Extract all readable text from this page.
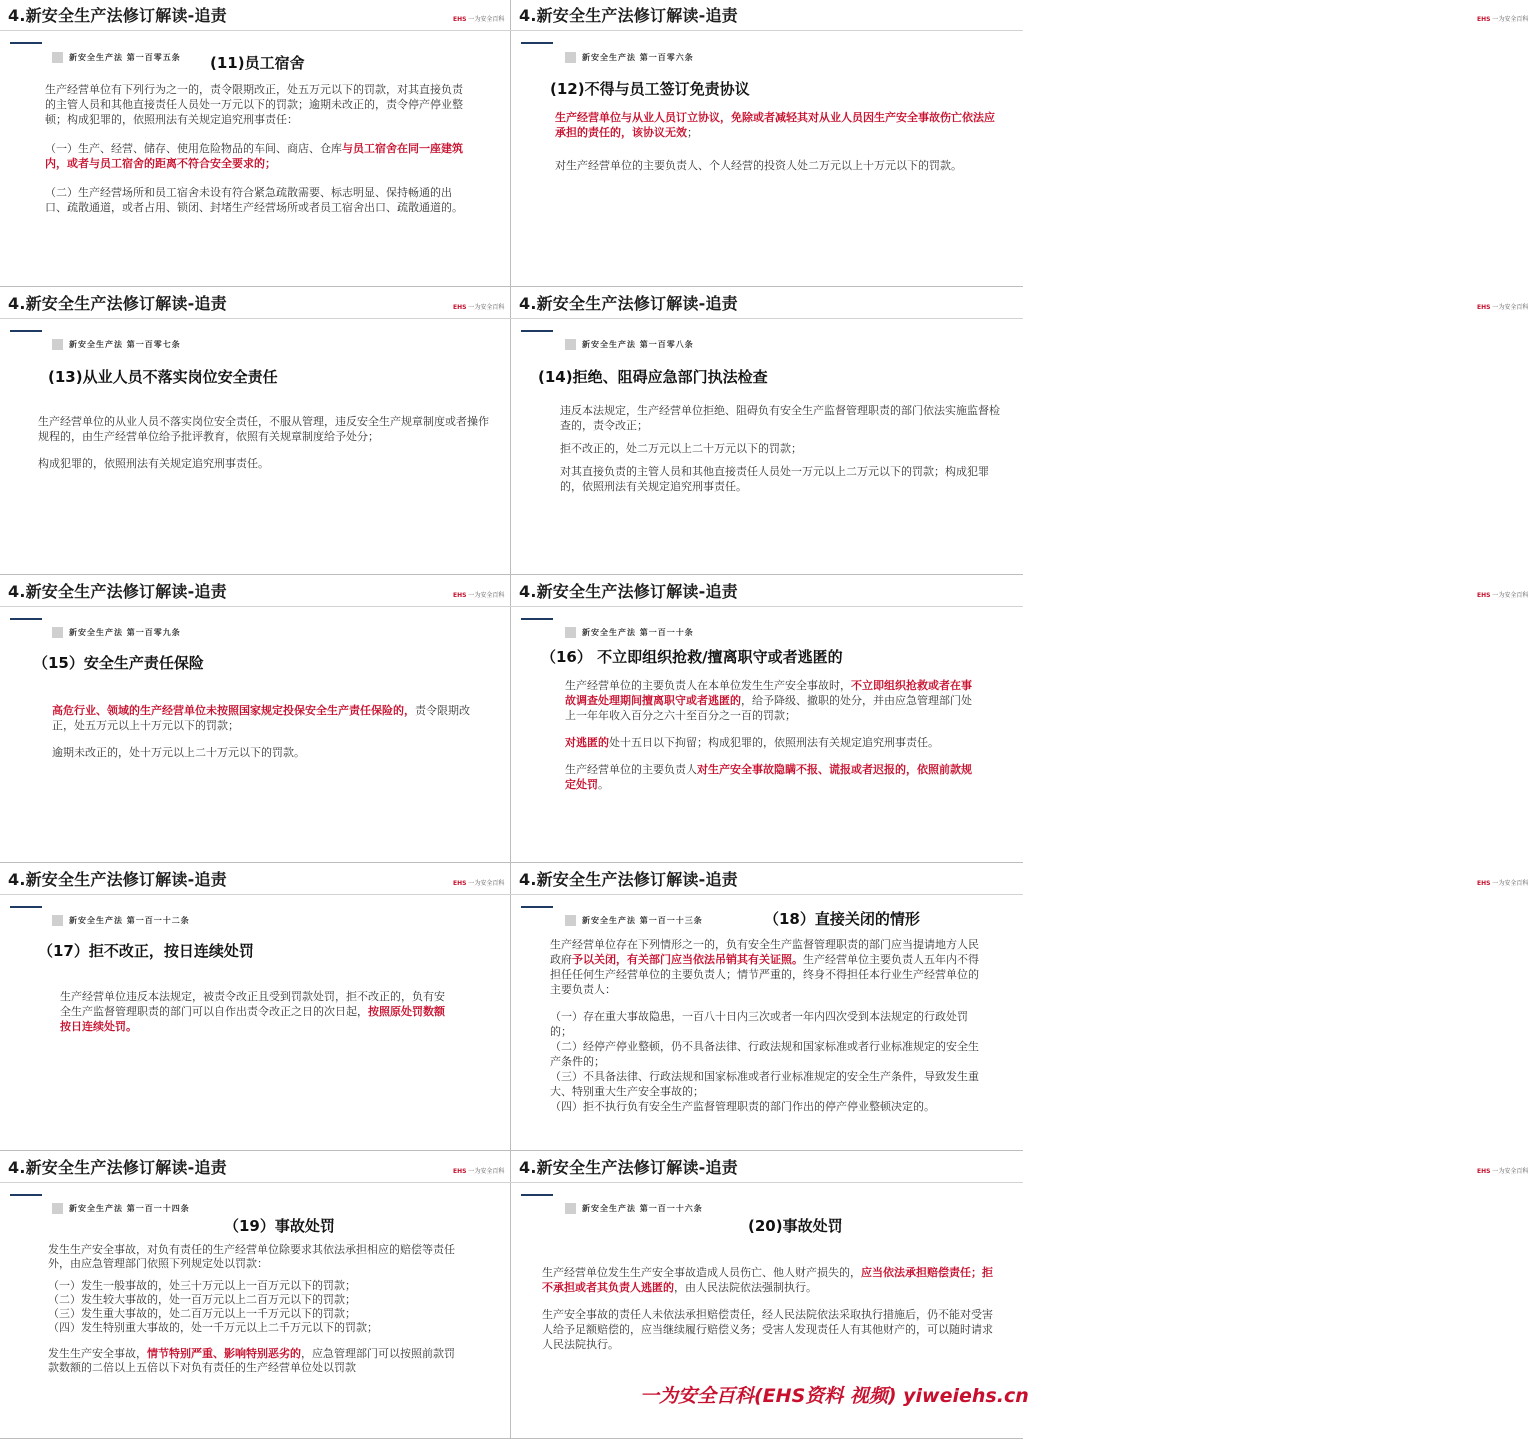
一为安全百科(EHS资料 视频) yiweiehs.cn
4.新安全生产法修订解读-追责	EHS 一为安全百科
新安全生产法 第一百零五条 (11)员工宿舍

生产经营单位有下列行为之一的，责令限期改正，处五万元以下的罚款，对其直接负责的主管人员和其他直接责任人员处一万元以下的罚款；逾期未改正的，责令停产停业整顿；构成犯罪的，依照刑法有关规定追究刑事责任：

（一）生产、经营、储存、使用危险物品的车间、商店、仓库与员工宿舍在同一座建筑内，或者与员工宿舍的距离不符合安全要求的；

（二）生产经营场所和员工宿舍未设有符合紧急疏散需要、标志明显、保持畅通的出口、疏散通道，或者占用、锁闭、封堵生产经营场所或者员工宿舍出口、疏散通道的。

4.新安全生产法修订解读-追责	EHS 一为安全百科
新安全生产法 第一百零六条
(12)不得与员工签订免责协议

生产经营单位与从业人员订立协议，免除或者减轻其对从业人员因生产安全事故伤亡依法应承担的责任的，该协议无效；

对生产经营单位的主要负责人、个人经营的投资人处二万元以上十万元以下的罚款。

4.新安全生产法修订解读-追责	EHS 一为安全百科
新安全生产法 第一百零七条
(13)从业人员不落实岗位安全责任

生产经营单位的从业人员不落实岗位安全责任，不服从管理，违反安全生产规章制度或者操作规程的，由生产经营单位给予批评教育，依照有关规章制度给予处分；

构成犯罪的，依照刑法有关规定追究刑事责任。

4.新安全生产法修订解读-追责	EHS 一为安全百科
新安全生产法 第一百零八条
(14)拒绝、阻碍应急部门执法检查

违反本法规定，生产经营单位拒绝、阻碍负有安全生产监督管理职责的部门依法实施监督检查的，责令改正；

拒不改正的，处二万元以上二十万元以下的罚款；

对其直接负责的主管人员和其他直接责任人员处一万元以上二万元以下的罚款；构成犯罪的，依照刑法有关规定追究刑事责任。

4.新安全生产法修订解读-追责	EHS 一为安全百科
新安全生产法 第一百零九条
（15）安全生产责任保险

高危行业、领域的生产经营单位未按照国家规定投保安全生产责任保险的，责令限期改正，处五万元以上十万元以下的罚款；

逾期未改正的，处十万元以上二十万元以下的罚款。

4.新安全生产法修订解读-追责	EHS 一为安全百科
新安全生产法 第一百一十条
（16） 不立即组织抢救/擅离职守或者逃匿的

生产经营单位的主要负责人在本单位发生生产安全事故时，不立即组织抢救或者在事故调查处理期间擅离职守或者逃匿的，给予降级、撤职的处分，并由应急管理部门处上一年年收入百分之六十至百分之一百的罚款；

对逃匿的处十五日以下拘留；构成犯罪的，依照刑法有关规定追究刑事责任。

生产经营单位的主要负责人对生产安全事故隐瞒不报、谎报或者迟报的，依照前款规定处罚。

4.新安全生产法修订解读-追责	EHS 一为安全百科
新安全生产法 第一百一十二条
（17）拒不改正，按日连续处罚

生产经营单位违反本法规定，被责令改正且受到罚款处罚，拒不改正的，负有安全生产监督管理职责的部门可以自作出责令改正之日的次日起，按照原处罚数额按日连续处罚。

4.新安全生产法修订解读-追责	EHS 一为安全百科
新安全生产法 第一百一十三条	（18）直接关闭的情形

生产经营单位存在下列情形之一的，负有安全生产监督管理职责的部门应当提请地方人民政府予以关闭，有关部门应当依法吊销其有关证照。生产经营单位主要负责人五年内不得担任任何生产经营单位的主要负责人；情节严重的，终身不得担任本行业生产经营单位的主要负责人：

（一）存在重大事故隐患，一百八十日内三次或者一年内四次受到本法规定的行政处罚的；

（二）经停产停业整顿，仍不具备法律、行政法规和国家标准或者行业标准规定的安全生产条件的；

（三）不具备法律、行政法规和国家标准或者行业标准规定的安全生产条件，导致发生重大、特别重大生产安全事故的；

（四）拒不执行负有安全生产监督管理职责的部门作出的停产停业整顿决定的。

4.新安全生产法修订解读-追责	EHS 一为安全百科
新安全生产法 第一百一十四条
（19）事故处罚

发生生产安全事故，对负有责任的生产经营单位除要求其依法承担相应的赔偿等责任外，由应急管理部门依照下列规定处以罚款：

（一）发生一般事故的，处三十万元以上一百万元以下的罚款；

（二）发生较大事故的，处一百万元以上二百万元以下的罚款；

（三）发生重大事故的，处二百万元以上一千万元以下的罚款；

（四）发生特别重大事故的，处一千万元以上二千万元以下的罚款；

发生生产安全事故，情节特别严重、影响特别恶劣的，应急管理部门可以按照前款罚款数额的二倍以上五倍以下对负有责任的生产经营单位处以罚款

4.新安全生产法修订解读-追责	EHS 一为安全百科
新安全生产法 第一百一十六条
(20)事故处罚

生产经营单位发生生产安全事故造成人员伤亡、他人财产损失的，应当依法承担赔偿责任；拒不承担或者其负责人逃匿的，由人民法院依法强制执行。

生产安全事故的责任人未依法承担赔偿责任，经人民法院依法采取执行措施后，仍不能对受害人给予足额赔偿的，应当继续履行赔偿义务；受害人发现责任人有其他财产的，可以随时请求人民法院执行。
